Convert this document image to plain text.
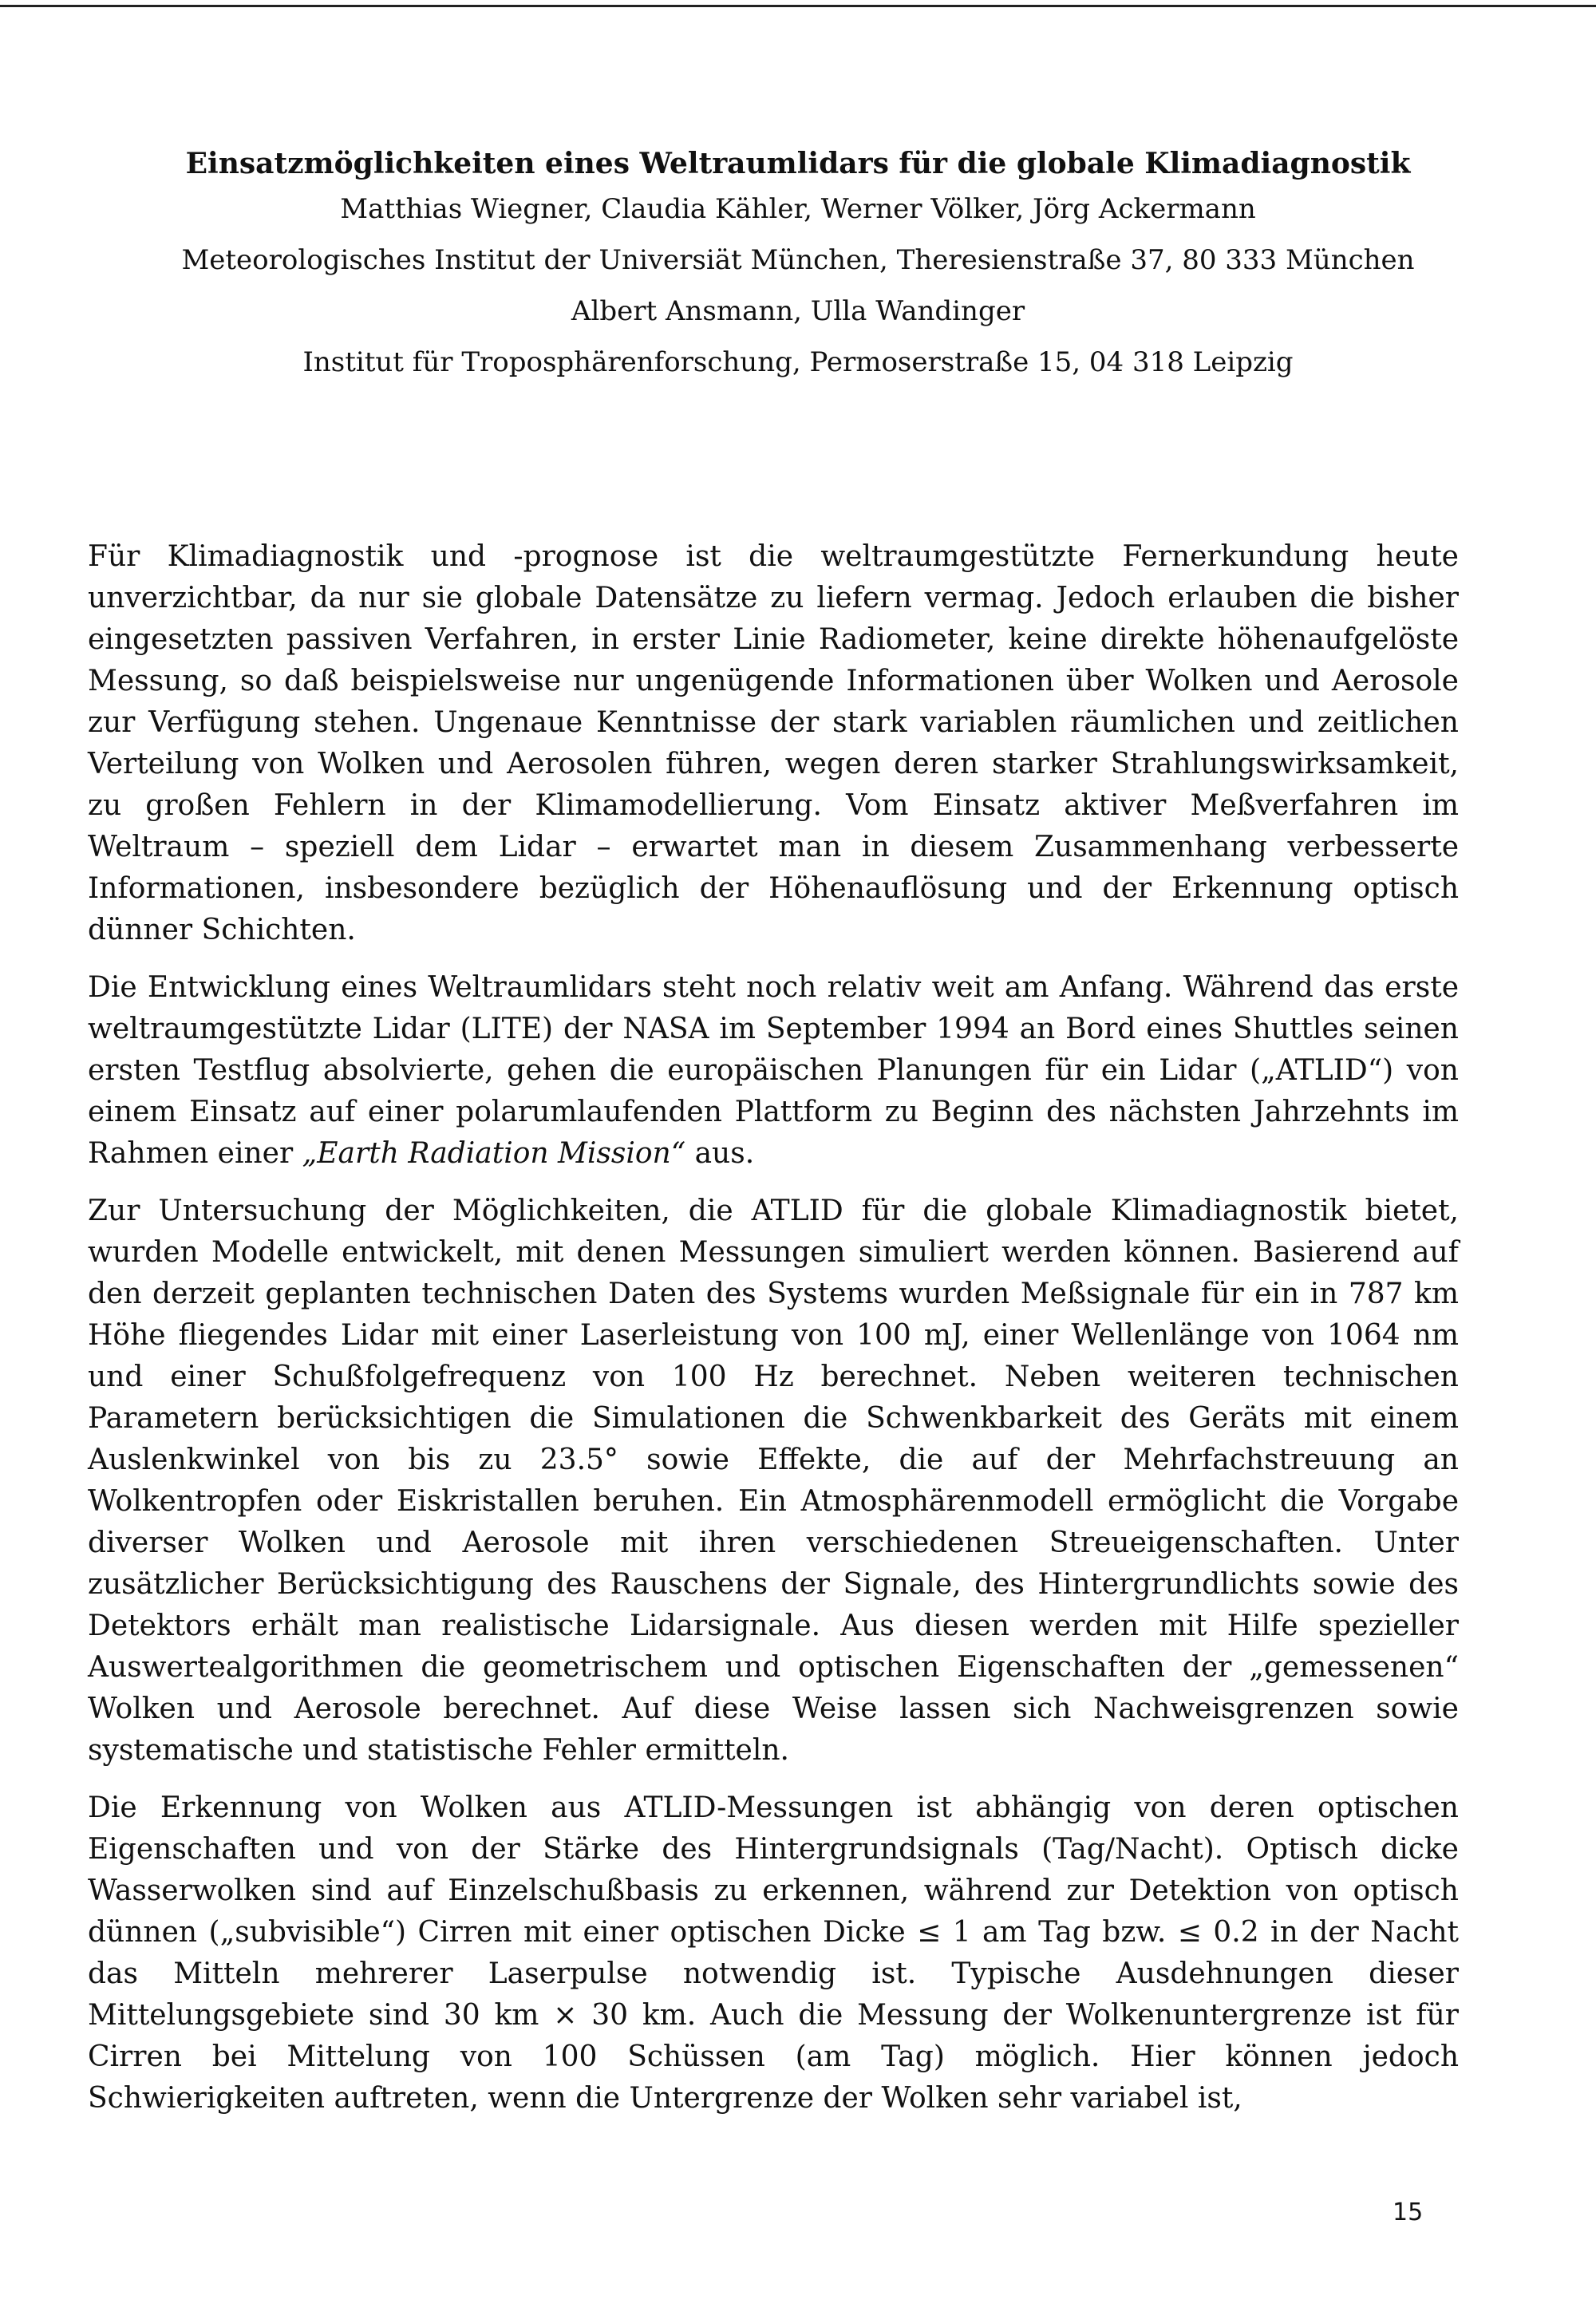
Einsatzmöglichkeiten eines Weltraumlidars für die globale Klimadiagnostik

Matthias Wiegner, Claudia Kähler, Werner Völker, Jörg Ackermann

Meteorologisches Institut der Universiät München, Theresienstraße 37, 80 333 München

Albert Ansmann, Ulla Wandinger

Institut für Troposphärenforschung, Permoserstraße 15, 04 318 Leipzig

Für Klimadiagnostik und -prognose ist die weltraumgestützte Fernerkundung heute unverzichtbar, da nur sie globale Datensätze zu liefern vermag. Jedoch erlauben die bisher eingesetzten passiven Verfahren, in erster Linie Radiometer, keine direkte höhenaufgelöste Messung, so daß beispielsweise nur ungenügende Informationen über Wolken und Aerosole zur Verfügung stehen. Ungenaue Kenntnisse der stark variablen räumlichen und zeitlichen Verteilung von Wolken und Aerosolen führen, wegen deren starker Strahlungswirksamkeit, zu großen Fehlern in der Klimamodellierung. Vom Einsatz aktiver Meßverfahren im Weltraum – speziell dem Lidar – erwartet man in diesem Zusammenhang verbesserte Informationen, insbesondere bezüglich der Höhenauflösung und der Erkennung optisch dünner Schichten.

Die Entwicklung eines Weltraumlidars steht noch relativ weit am Anfang. Während das erste weltraumgestützte Lidar (LITE) der NASA im September 1994 an Bord eines Shuttles seinen ersten Testflug absolvierte, gehen die europäischen Planungen für ein Lidar („ATLID“) von einem Einsatz auf einer polarumlaufenden Plattform zu Beginn des nächsten Jahrzehnts im Rahmen einer „Earth Radiation Mission“ aus.

Zur Untersuchung der Möglichkeiten, die ATLID für die globale Klimadiagnostik bietet, wurden Modelle entwickelt, mit denen Messungen simuliert werden können. Basierend auf den derzeit geplanten technischen Daten des Systems wurden Meßsignale für ein in 787 km Höhe fliegendes Lidar mit einer Laserleistung von 100 mJ, einer Wellenlänge von 1064 nm und einer Schußfolgefrequenz von 100 Hz berechnet. Neben weiteren technischen Parametern berücksichtigen die Simulationen die Schwenkbarkeit des Geräts mit einem Auslenkwinkel von bis zu 23.5° sowie Effekte, die auf der Mehrfachstreuung an Wolkentropfen oder Eiskristallen beruhen. Ein Atmosphärenmodell ermöglicht die Vorgabe diverser Wolken und Aerosole mit ihren verschiedenen Streueigenschaften. Unter zusätzlicher Berücksichtigung des Rauschens der Signale, des Hintergrundlichts sowie des Detektors erhält man realistische Lidarsignale. Aus diesen werden mit Hilfe spezieller Auswertealgorithmen die geometrischem und optischen Eigenschaften der „gemessenen“ Wolken und Aerosole berechnet. Auf diese Weise lassen sich Nachweisgrenzen sowie systematische und statistische Fehler ermitteln.

Die Erkennung von Wolken aus ATLID-Messungen ist abhängig von deren optischen Eigenschaften und von der Stärke des Hintergrundsignals (Tag/Nacht). Optisch dicke Wasserwolken sind auf Einzelschußbasis zu erkennen, während zur Detektion von optisch dünnen („subvisible“) Cirren mit einer optischen Dicke ≤ 1 am Tag bzw. ≤ 0.2 in der Nacht das Mitteln mehrerer Laserpulse notwendig ist. Typische Ausdehnungen dieser Mittelungsgebiete sind 30 km × 30 km. Auch die Messung der Wolkenuntergrenze ist für Cirren bei Mittelung von 100 Schüssen (am Tag) möglich. Hier können jedoch Schwierigkeiten auftreten, wenn die Untergrenze der Wolken sehr variabel ist,

15
